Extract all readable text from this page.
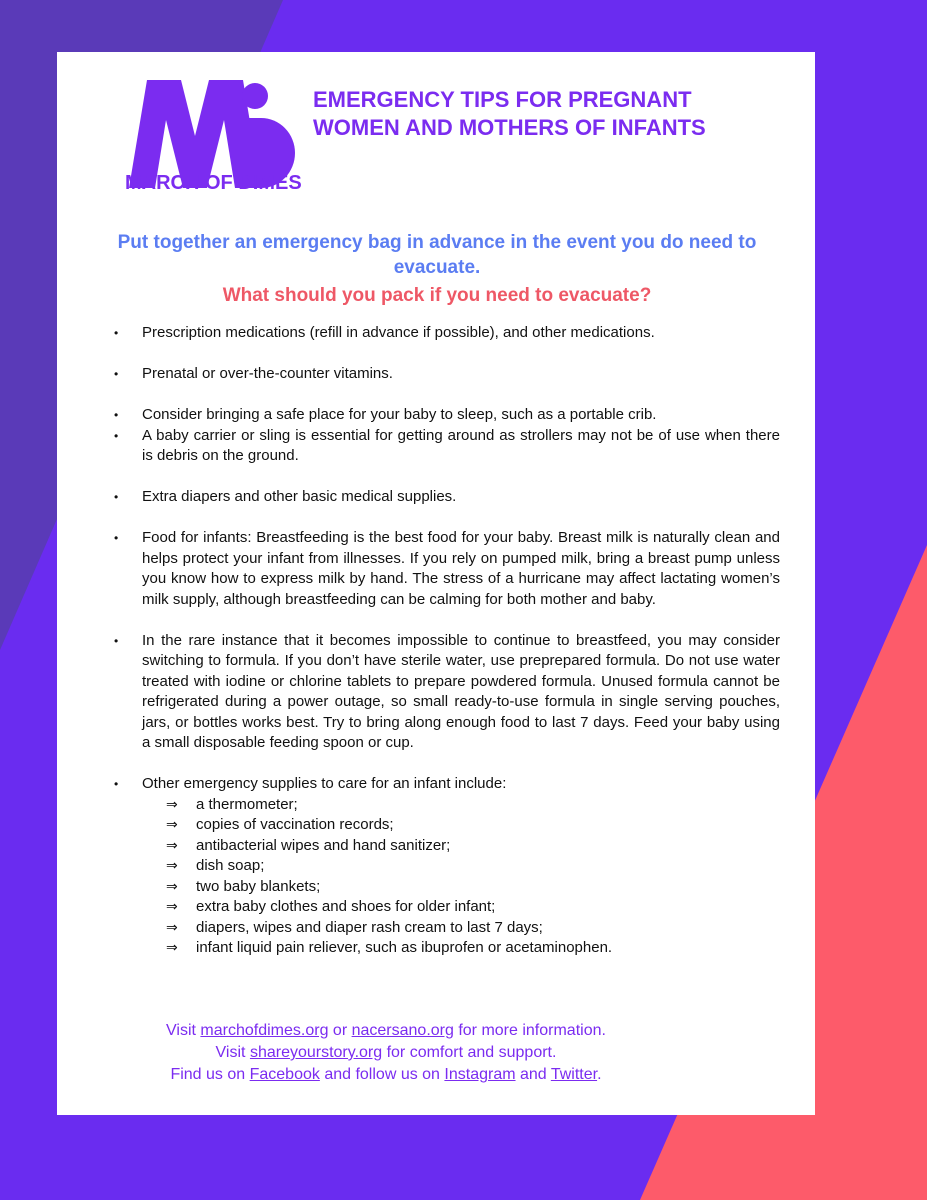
MARCH OF DIMES
EMERGENCY TIPS FOR PREGNANT
WOMEN AND MOTHERS OF INFANTS

Put together an emergency bag in advance in the event you do need to evacuate.

What should you pack if you need to evacuate?

• Prescription medications (refill in advance if possible), and other medications.
• Prenatal or over-the-counter vitamins.
• Consider bringing a safe place for your baby to sleep, such as a portable crib.
• A baby carrier or sling is essential for getting around as strollers may not be of use when there is debris on the ground.
• Extra diapers and other basic medical supplies.
• Food for infants: Breastfeeding is the best food for your baby. Breast milk is naturally clean and helps protect your infant from illnesses. If you rely on pumped milk, bring a breast pump unless you know how to express milk by hand. The stress of a hurricane may affect lactating women’s milk supply, although breastfeeding can be calming for both mother and baby.
• In the rare instance that it becomes impossible to continue to breastfeed, you may consider switching to formula. If you don’t have sterile water, use preprepared formula. Do not use water treated with iodine or chlorine tablets to prepare powdered formula. Unused formula cannot be refrigerated during a power outage, so small ready-to-use formula in single serving pouches, jars, or bottles works best. Try to bring along enough food to last 7 days. Feed your baby using a small disposable feeding spoon or cup.
• Other emergency supplies to care for an infant include:
⇒ a thermometer;
⇒ copies of vaccination records;
⇒ antibacterial wipes and hand sanitizer;
⇒ dish soap;
⇒ two baby blankets;
⇒ extra baby clothes and shoes for older infant;
⇒ diapers, wipes and diaper rash cream to last 7 days;
⇒ infant liquid pain reliever, such as ibuprofen or acetaminophen.

Visit marchofdimes.org or nacersano.org for more information.

Visit shareyourstory.org for comfort and support.

Find us on Facebook and follow us on Instagram and Twitter.
